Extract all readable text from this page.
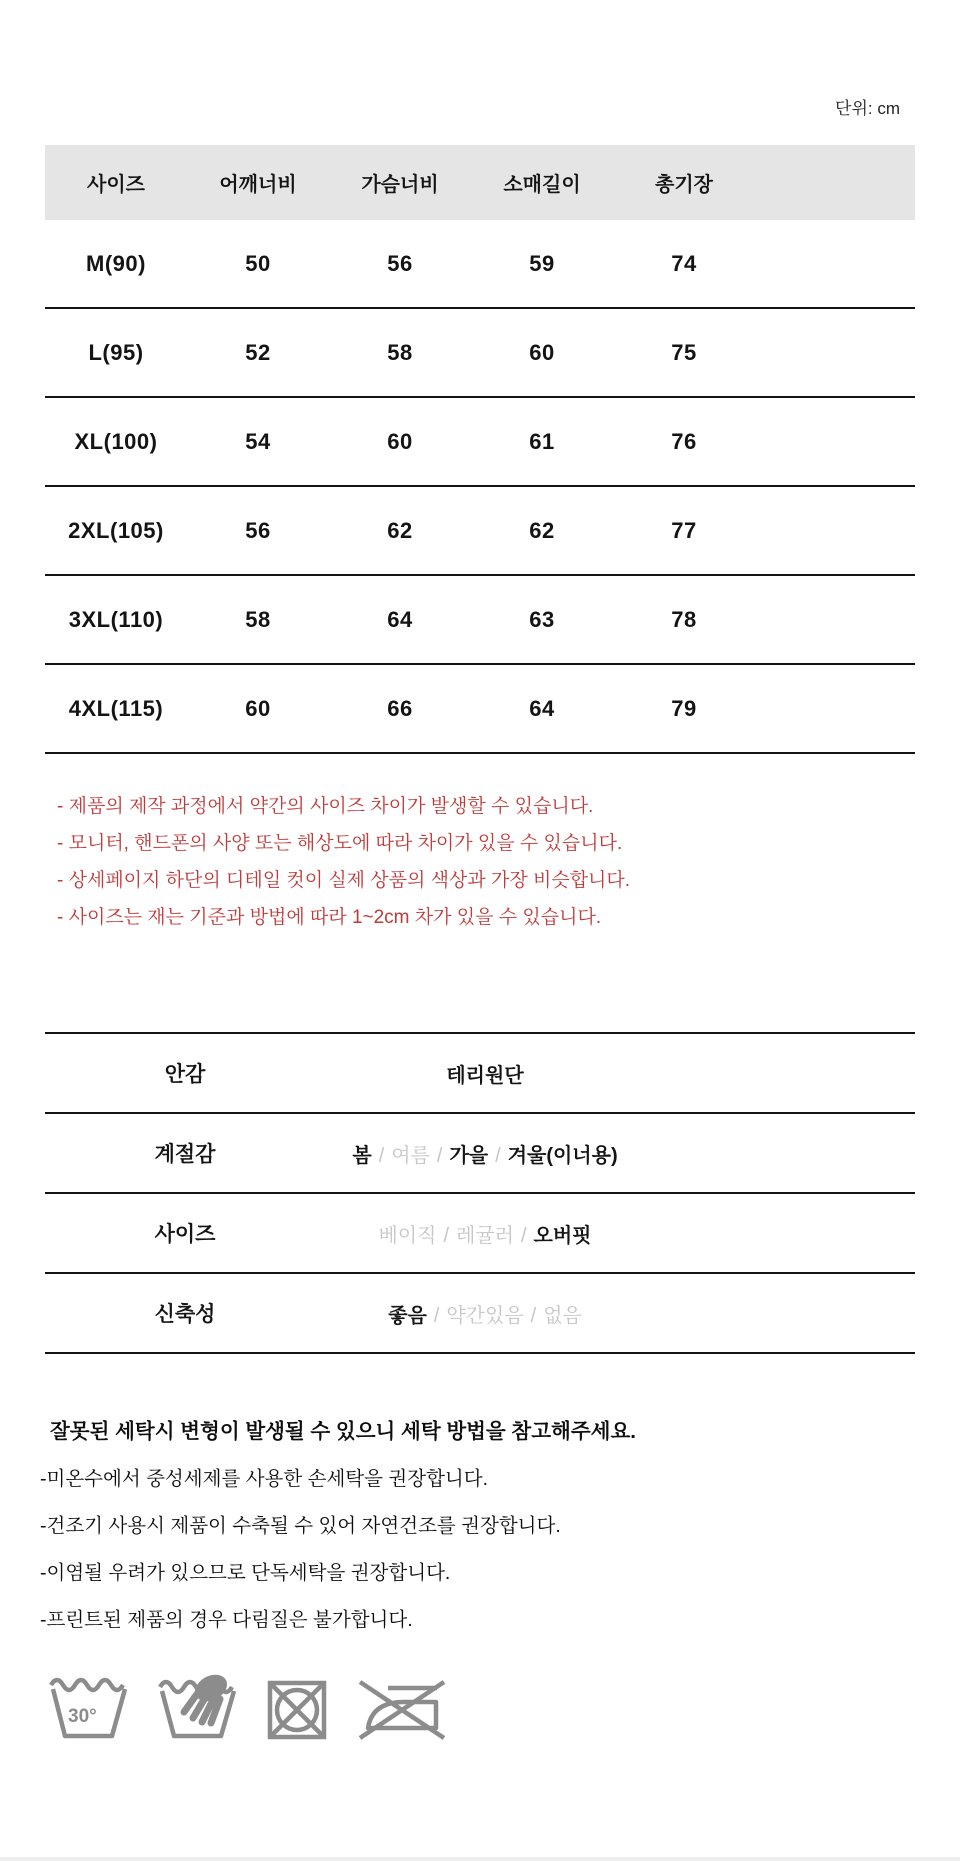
단위: cm
사이즈	어깨너비	가슴너비	소매길이	총기장	
M(90)	50	56	59	74	
L(95)	52	58	60	75	
XL(100)	54	60	61	76	
2XL(105)	56	62	62	77	
3XL(110)	58	64	63	78	
4XL(115)	60	66	64	79	
- 제품의 제작 과정에서 약간의 사이즈 차이가 발생할 수 있습니다.
- 모니터, 핸드폰의 사양 또는 해상도에 따라 차이가 있을 수 있습니다.
- 상세페이지 하단의 디테일 컷이 실제 상품의 색상과 가장 비슷합니다.
- 사이즈는 재는 기준과 방법에 따라 1~2cm 차가 있을 수 있습니다.
안감	테리원단
계절감	봄 / 여름 / 가을 / 겨울(이너용)
사이즈	베이직 / 레귤러 / 오버핏
신축성	좋음 / 약간있음 / 없음
잘못된 세탁시 변형이 발생될 수 있으니 세탁 방법을 참고해주세요.
-미온수에서 중성세제를 사용한 손세탁을 권장합니다.
-건조기 사용시 제품이 수축될 수 있어 자연건조를 권장합니다.
-이염될 우려가 있으므로 단독세탁을 권장합니다.
-프린트된 제품의 경우 다림질은 불가합니다.
30°
